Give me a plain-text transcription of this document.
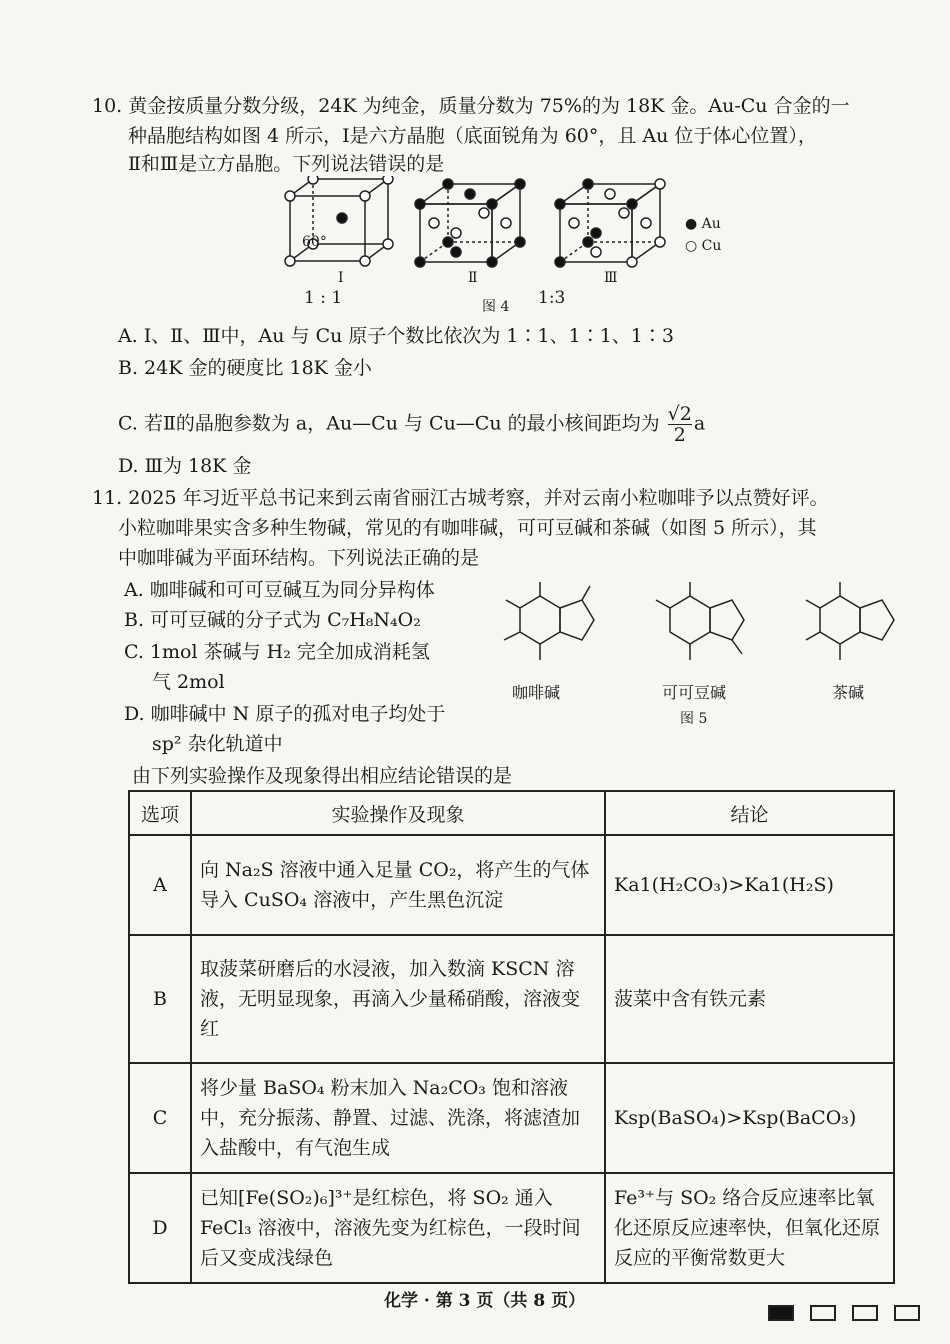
10. 黄金按质量分数分级，24K 为纯金，质量分数为 75%的为 18K 金。Au-Cu 合金的一
种晶胞结构如图 4 所示，Ⅰ是六方晶胞（底面锐角为 60°，且 Au 位于体心位置），
Ⅱ和Ⅲ是立方晶胞。下列说法错误的是
60°
● Au
○ Cu
Ⅰ	Ⅱ	Ⅲ
1 : 1	图 4 1:3
A. Ⅰ、Ⅱ、Ⅲ中，Au 与 Cu 原子个数比依次为 1∶1、1∶1、1∶3
B. 24K 金的硬度比 18K 金小
C. 若Ⅱ的晶胞参数为 a，Au—Cu 与 Cu—Cu 的最小核间距均为 $\frac{√2}{2}$ a
D. Ⅲ为 18K 金
11. 2025 年习近平总书记来到云南省丽江古城考察，并对云南小粒咖啡予以点赞好评。
小粒咖啡果实含多种生物碱，常见的有咖啡碱，可可豆碱和茶碱（如图 5 所示），其
中咖啡碱为平面环结构。下列说法正确的是
A. 咖啡碱和可可豆碱互为同分异构体
B. 可可豆碱的分子式为 C₇H₈N₄O₂
C. 1mol 茶碱与 H₂ 完全加成消耗氢
气 2mol
D. 咖啡碱中 N 原子的孤对电子均处于
sp² 杂化轨道中
咖啡碱	可可豆碱	茶碱
图 5
由下列实验操作及现象得出相应结论错误的是
选项	实验操作及现象	结论
A	向 Na₂S 溶液中通入足量 CO₂，将产生的气体导入 CuSO₄ 溶液中，产生黑色沉淀	Ka1(H₂CO₃)>Ka1(H₂S)
B	取菠菜研磨后的水浸液，加入数滴 KSCN 溶液，无明显现象，再滴入少量稀硝酸，溶液变红	菠菜中含有铁元素
C	将少量 BaSO₄ 粉末加入 Na₂CO₃ 饱和溶液中，充分振荡、静置、过滤、洗涤，将滤渣加入盐酸中，有气泡生成	Ksp(BaSO₄)>Ksp(BaCO₃)
D	已知[Fe(SO₂)₆]³⁺是红棕色，将 SO₂ 通入 FeCl₃ 溶液中，溶液先变为红棕色，一段时间后又变成浅绿色	Fe³⁺与 SO₂ 络合反应速率比氧化还原反应速率快，但氧化还原反应的平衡常数更大
化学 · 第 3 页（共 8 页）
